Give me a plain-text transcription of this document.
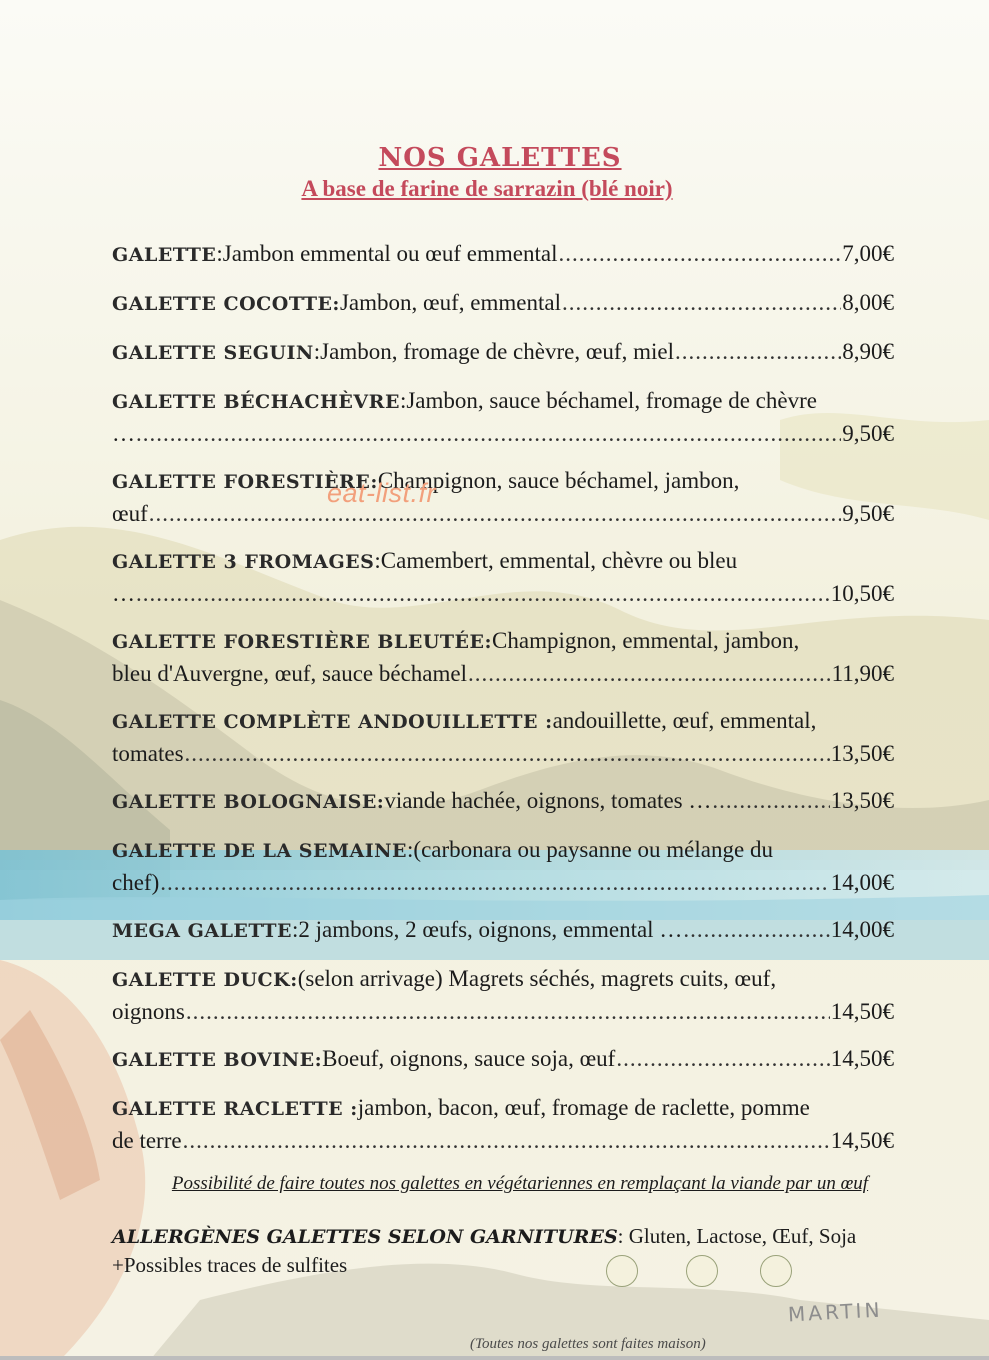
NOS GALETTES
A base de farine de sarrazin (blé noir)
GALETTE : Jambon emmental ou œuf emmental .....	7,00€
GALETTE COCOTTE: Jambon, œuf, emmental .....	8,00€
GALETTE SEGUIN : Jambon, fromage de chèvre, œuf, miel .....	8,90€
GALETTE BÉCHACHÈVRE : Jambon, sauce béchamel, fromage de chèvre
… .....	9,50€
GALETTE FORESTIÈRE: Champignon, sauce béchamel, jambon,
œuf .....	9,50€
GALETTE 3 FROMAGES : Camembert, emmental, chèvre ou bleu
… .....	10,50€
GALETTE FORESTIÈRE BLEUTÉE: Champignon, emmental, jambon,
bleu d'Auvergne, œuf, sauce béchamel .....	11,90€
GALETTE COMPLÈTE ANDOUILLETTE : andouillette, œuf, emmental,
tomates .....	13,50€
GALETTE BOLOGNAISE: viande hachée, oignons, tomates … .....	13,50€
GALETTE DE LA SEMAINE : (carbonara ou paysanne ou mélange du
chef) .....	14,00€
MEGA GALETTE : 2 jambons, 2 œufs, oignons, emmental … .....	14,00€
GALETTE DUCK: (selon arrivage) Magrets séchés, magrets cuits, œuf,
oignons .....	14,50€
GALETTE BOVINE: Boeuf, oignons, sauce soja, œuf .....	14,50€
GALETTE RACLETTE : jambon, bacon, œuf, fromage de raclette, pomme
de terre .....	14,50€
eat-list.fr
Possibilité de faire toutes nos galettes en végétariennes en remplaçant la viande par un œuf
ALLERGÈNES GALETTES SELON GARNITURES: Gluten, Lactose, Œuf, Soja
+Possibles traces de sulfites
MARTIN
(Toutes nos galettes sont faites maison)
